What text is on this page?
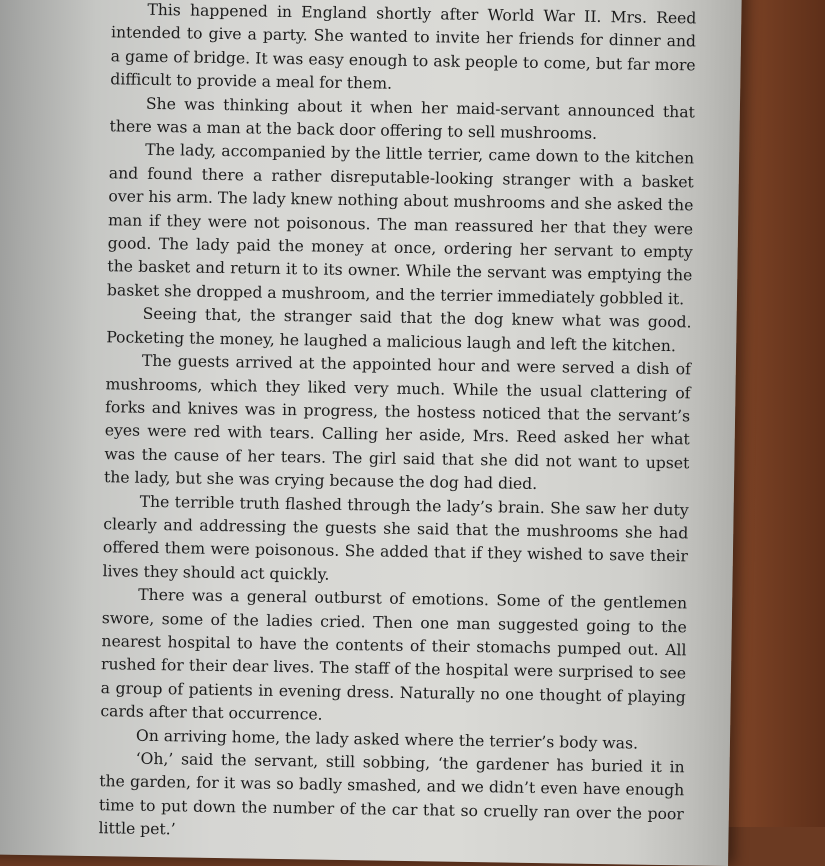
This happened in England shortly after World War II. Mrs. Reed intended to give a party. She wanted to invite her friends for dinner and a game of bridge. It was easy enough to ask people to come, but far more difficult to provide a meal for them.

She was thinking about it when her maid-servant announced that there was a man at the back door offering to sell mushrooms.

The lady, accompanied by the little terrier, came down to the kitchen and found there a rather disreputable-looking stranger with a basket over his arm. The lady knew nothing about mushrooms and she asked the man if they were not poisonous. The man reassured her that they were good. The lady paid the money at once, ordering her servant to empty the basket and return it to its owner. While the servant was emptying the basket she dropped a mushroom, and the terrier immediately gobbled it.

Seeing that, the stranger said that the dog knew what was good. Pocketing the money, he laughed a malicious laugh and left the kitchen.

The guests arrived at the appointed hour and were served a dish of mushrooms, which they liked very much. While the usual clattering of forks and knives was in progress, the hostess noticed that the servant’s eyes were red with tears. Calling her aside, Mrs. Reed asked her what was the cause of her tears. The girl said that she did not want to upset the lady, but she was crying because the dog had died.

The terrible truth flashed through the lady’s brain. She saw her duty clearly and addressing the guests she said that the mushrooms she had offered them were poisonous. She added that if they wished to save their lives they should act quickly.

There was a general outburst of emotions. Some of the gentlemen swore, some of the ladies cried. Then one man suggested going to the nearest hospital to have the contents of their stomachs pumped out. All rushed for their dear lives. The staff of the hospital were surprised to see a group of patients in evening dress. Naturally no one thought of playing cards after that occurrence.

On arriving home, the lady asked where the terrier’s body was.

‘Oh,’ said the servant, still sobbing, ‘the gardener has buried it in the garden, for it was so badly smashed, and we didn’t even have enough time to put down the number of the car that so cruelly ran over the poor little pet.’
